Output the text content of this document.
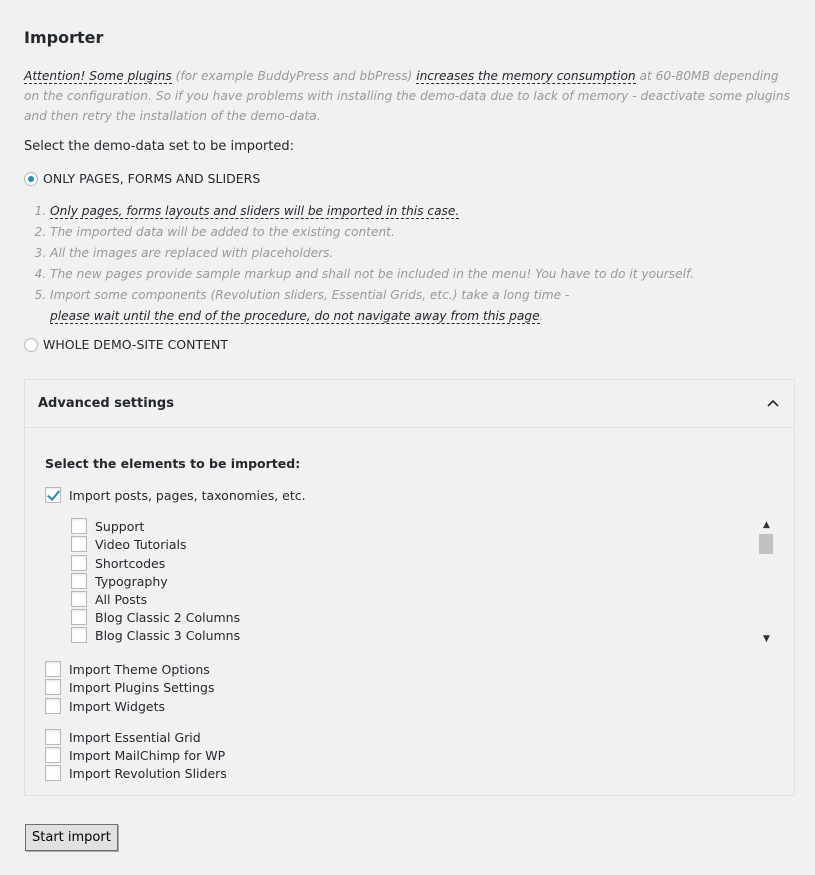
Importer
Attention! Some plugins (for example BuddyPress and bbPress) increases the memory consumption at 60-80MB depending on the configuration. So if you have problems with installing the demo-data due to lack of memory - deactivate some plugins and then retry the installation of the demo-data.
Select the demo-data set to be imported:
ONLY PAGES, FORMS AND SLIDERS
1. Only pages, forms layouts and sliders will be imported in this case.
2. The imported data will be added to the existing content.
3. All the images are replaced with placeholders.
4. The new pages provide sample markup and shall not be included in the menu! You have to do it yourself.
5. Import some components (Revolution sliders, Essential Grids, etc.) take a long time -
please wait until the end of the procedure, do not navigate away from this page.
WHOLE DEMO-SITE CONTENT
Advanced settings
Select the elements to be imported:
Import posts, pages, taxonomies, etc.
Support
Video Tutorials
Shortcodes
Typography
All Posts
Blog Classic 2 Columns
Blog Classic 3 Columns
▲
▼
Import Theme Options
Import Plugins Settings
Import Widgets
Import Essential Grid
Import MailChimp for WP
Import Revolution Sliders
Start import
